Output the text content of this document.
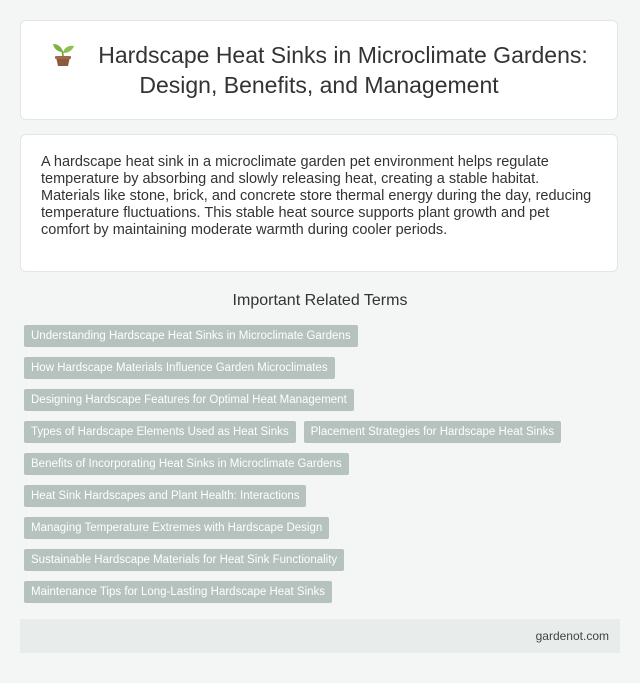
Hardscape Heat Sinks in Microclimate Gardens: Design, Benefits, and Management

A hardscape heat sink in a microclimate garden pet environment helps regulate temperature by absorbing and slowly releasing heat, creating a stable habitat. Materials like stone, brick, and concrete store thermal energy during the day, reducing temperature fluctuations. This stable heat source supports plant growth and pet comfort by maintaining moderate warmth during cooler periods.

Important Related Terms
Understanding Hardscape Heat Sinks in Microclimate Gardens
How Hardscape Materials Influence Garden Microclimates
Designing Hardscape Features for Optimal Heat Management
Types of Hardscape Elements Used as Heat Sinks	Placement Strategies for Hardscape Heat Sinks
Benefits of Incorporating Heat Sinks in Microclimate Gardens
Heat Sink Hardscapes and Plant Health: Interactions
Managing Temperature Extremes with Hardscape Design
Sustainable Hardscape Materials for Heat Sink Functionality
Maintenance Tips for Long-Lasting Hardscape Heat Sinks
gardenot.com
